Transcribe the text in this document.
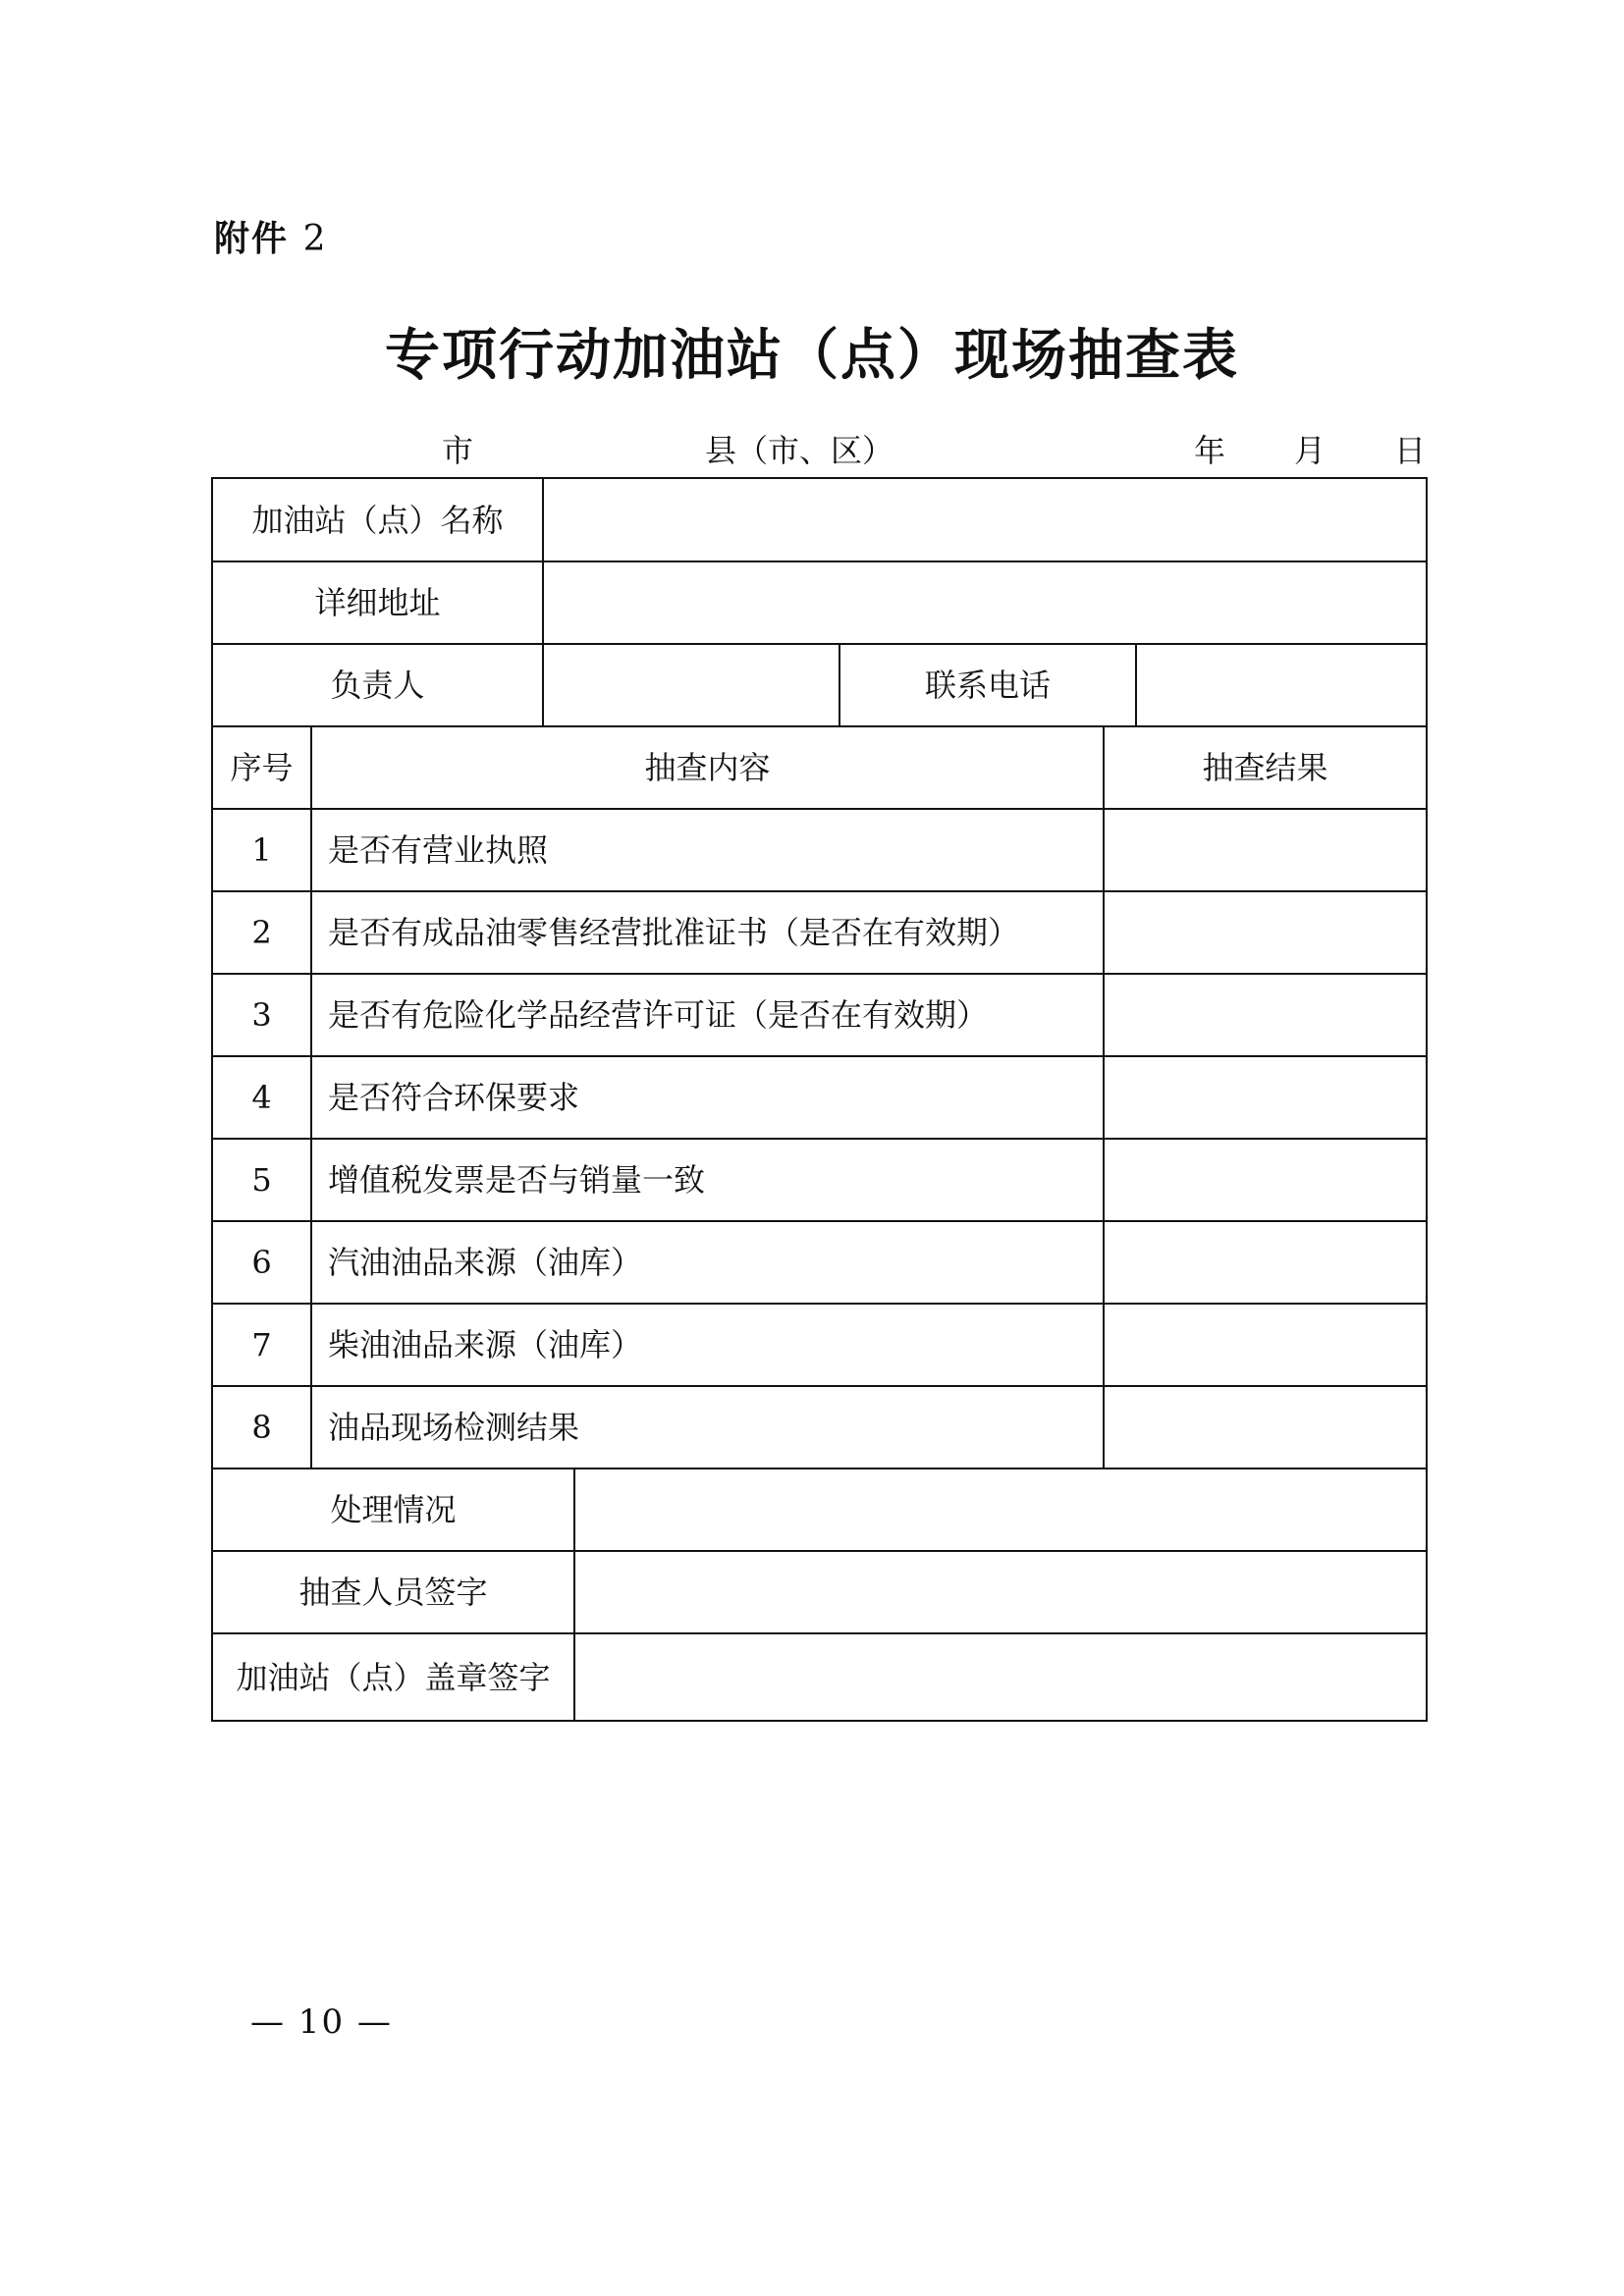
附件 2
专项行动加油站（点）现场抽查表
市	县（市、区）	年 月 日
加油站（点）名称
详细地址
负责人	联系电话
序号	抽查内容	抽查结果
1	是否有营业执照
2	是否有成品油零售经营批准证书（是否在有效期）
3	是否有危险化学品经营许可证（是否在有效期）
4	是否符合环保要求
5	增值税发票是否与销量一致
6	汽油油品来源（油库）
7	柴油油品来源（油库）
8	油品现场检测结果
处理情况
抽查人员签字
加油站（点）盖章签字
— 10 —
